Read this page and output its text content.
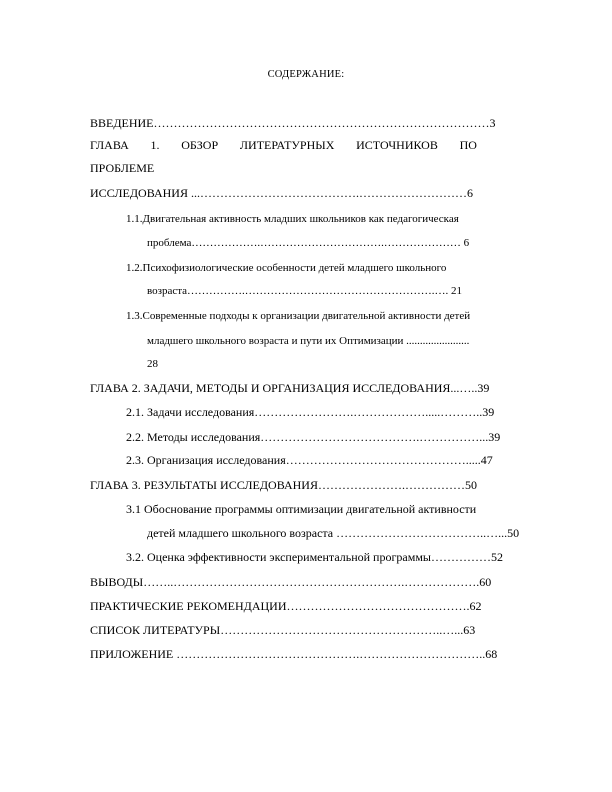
СОДЕРЖАНИЕ:
ВВЕДЕНИЕ…………………………………………………………………………3
ГЛАВА 1. ОБЗОР ЛИТЕРАТУРНЫХ ИСТОЧНИКОВ ПО
ПРОБЛЕМЕ
ИССЛЕДОВАНИЯ ...………………………………….………………………6
1.1.Двигательная активность младших школьников как педагогическая
проблема……………….…………………………….………………… 6
1.2.Психофизиологические особенности детей младшего школьного
возраста…………….…………………………………………….…. 21
1.3.Современные подходы к организации двигательной активности детей
младшего школьного возраста и пути их Оптимизации .......................
28
ГЛАВА 2. ЗАДАЧИ, МЕТОДЫ И ОРГАНИЗАЦИЯ ИССЛЕДОВАНИЯ...…..39
2.1. Задачи исследования…………………….……………….....………..39
2.2. Методы исследования………………………………….……………...39
2.3. Организация исследования……………………………………….....47
ГЛАВА 3. РЕЗУЛЬТАТЫ ИССЛЕДОВАНИЯ………………….……………50
3.1 Обоснование программы оптимизации двигательной активности
детей младшего школьного возраста ………………………………..…...50
3.2. Оценка эффективности экспериментальной программы……………52
ВЫВОДЫ……..………………………………………………….……………….60
ПРАКТИЧЕСКИЕ РЕКОМЕНДАЦИИ……………………………………….62
СПИСОК ЛИТЕРАТУРЫ………………………………………………..…...63
ПРИЛОЖЕНИЕ ……………………………………….…………………………..68
